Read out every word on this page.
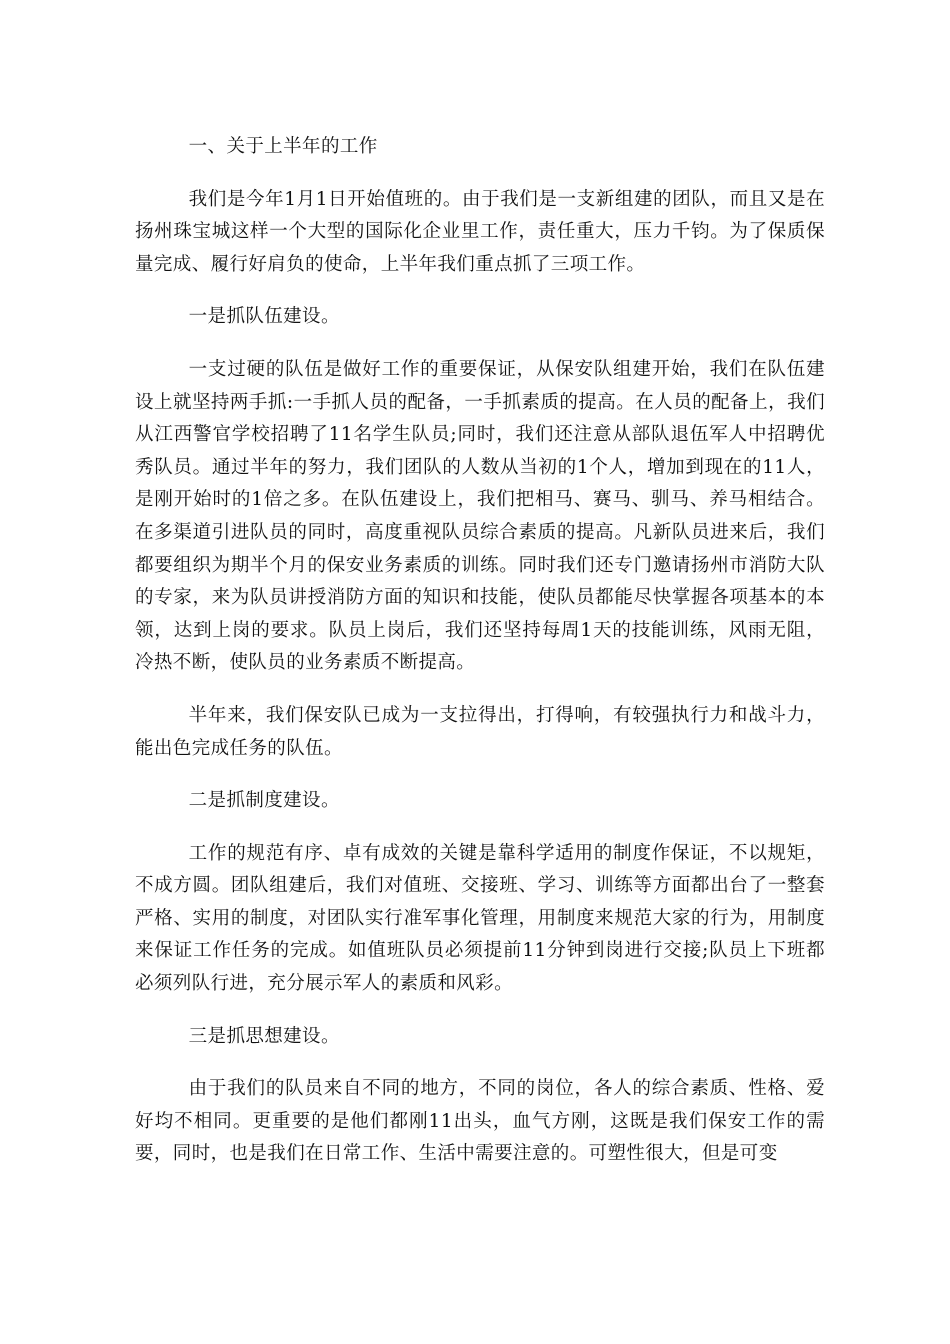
一、关于上半年的工作

我们是今年1月1日开始值班的。由于我们是一支新组建的团队，而且又是在扬州珠宝城这样一个大型的国际化企业里工作，责任重大，压力千钧。为了保质保量完成、履行好肩负的使命，上半年我们重点抓了三项工作。

一是抓队伍建设。

一支过硬的队伍是做好工作的重要保证，从保安队组建开始，我们在队伍建设上就坚持两手抓:一手抓人员的配备，一手抓素质的提高。在人员的配备上，我们从江西警官学校招聘了11名学生队员;同时，我们还注意从部队退伍军人中招聘优秀队员。通过半年的努力，我们团队的人数从当初的1个人，增加到现在的11人，是刚开始时的1倍之多。在队伍建设上，我们把相马、赛马、驯马、养马相结合。在多渠道引进队员的同时，高度重视队员综合素质的提高。凡新队员进来后，我们都要组织为期半个月的保安业务素质的训练。同时我们还专门邀请扬州市消防大队的专家，来为队员讲授消防方面的知识和技能，使队员都能尽快掌握各项基本的本领，达到上岗的要求。队员上岗后，我们还坚持每周1天的技能训练，风雨无阻，冷热不断，使队员的业务素质不断提高。

半年来，我们保安队已成为一支拉得出，打得响，有较强执行力和战斗力，能出色完成任务的队伍。

二是抓制度建设。

工作的规范有序、卓有成效的关键是靠科学适用的制度作保证，不以规矩，不成方圆。团队组建后，我们对值班、交接班、学习、训练等方面都出台了一整套严格、实用的制度，对团队实行准军事化管理，用制度来规范大家的行为，用制度来保证工作任务的完成。如值班队员必须提前11分钟到岗进行交接;队员上下班都必须列队行进，充分展示军人的素质和风彩。

三是抓思想建设。

由于我们的队员来自不同的地方，不同的岗位，各人的综合素质、性格、爱好均不相同。更重要的是他们都刚11出头，血气方刚，这既是我们保安工作的需要，同时，也是我们在日常工作、生活中需要注意的。可塑性很大，但是可变
